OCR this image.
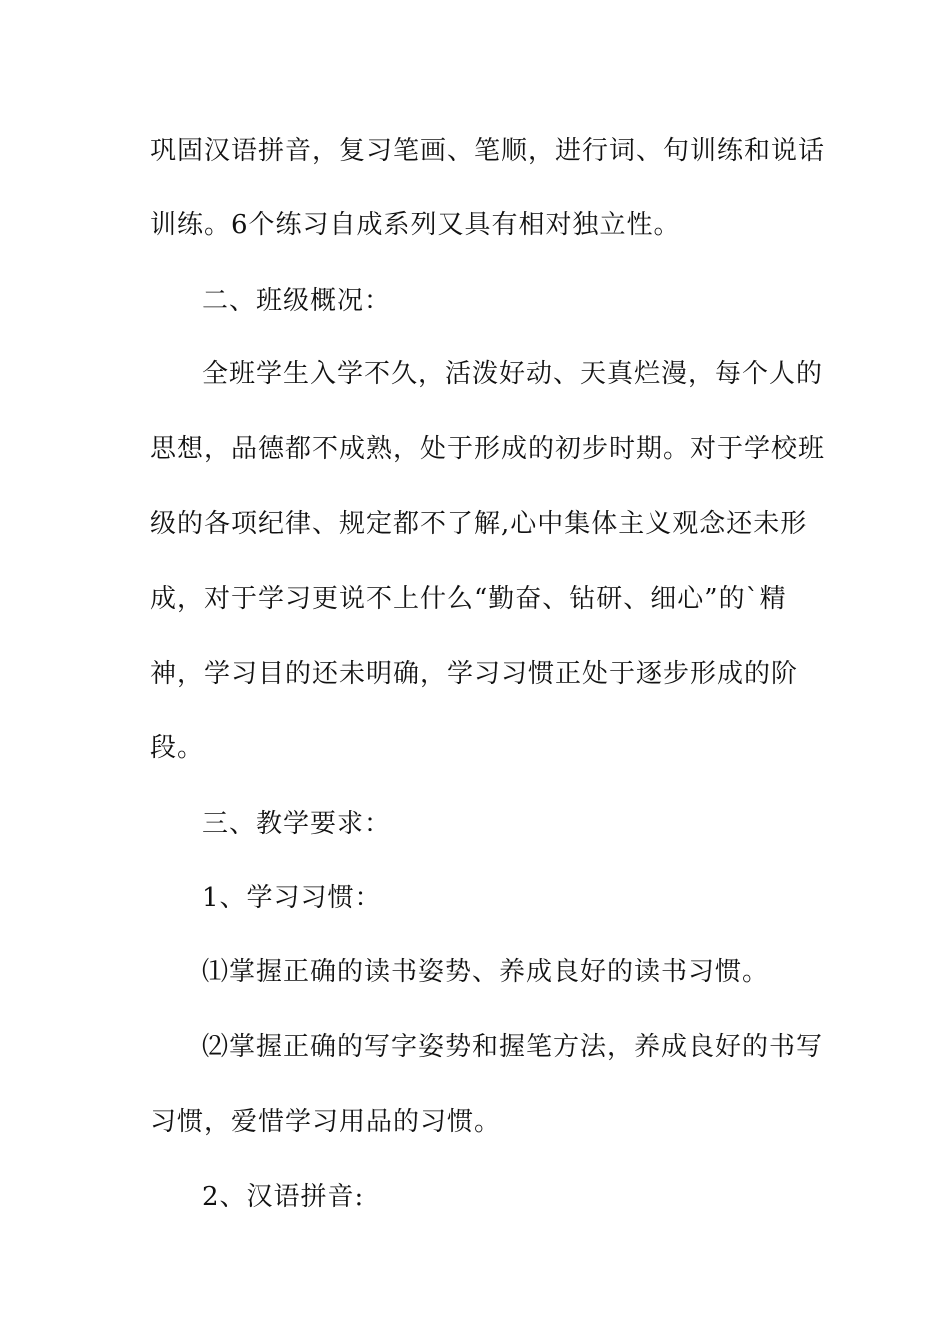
巩固汉语拼音，复习笔画、笔顺，进行词、句训练和说话
训练。6个练习自成系列又具有相对独立性。
二、班级概况：
全班学生入学不久，活泼好动、天真烂漫，每个人的
思想，品德都不成熟，处于形成的初步时期。对于学校班
级的各项纪律、规定都不了解,心中集体主义观念还未形
成，对于学习更说不上什么“勤奋、钻研、细心”的`精
神，学习目的还未明确，学习习惯正处于逐步形成的阶
段。
三、教学要求：
1、学习习惯：
⑴掌握正确的读书姿势、养成良好的读书习惯。
⑵掌握正确的写字姿势和握笔方法，养成良好的书写
习惯，爱惜学习用品的习惯。
2、汉语拼音:
